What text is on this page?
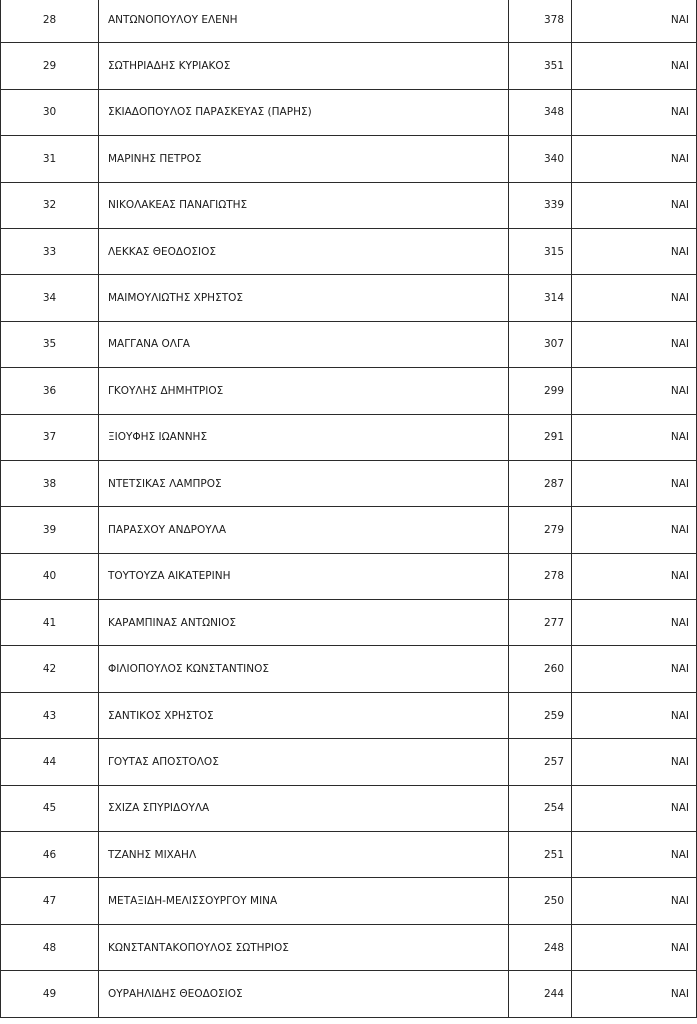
28	ΑΝΤΩΝΟΠΟΥΛΟΥ ΕΛΕΝΗ	378	ΝΑΙ
29	ΣΩΤΗΡΙΑΔΗΣ ΚΥΡΙΑΚΟΣ	351	ΝΑΙ
30	ΣΚΙΑΔΟΠΟΥΛΟΣ ΠΑΡΑΣΚΕΥΑΣ (ΠΑΡΗΣ)	348	ΝΑΙ
31	ΜΑΡΙΝΗΣ ΠΕΤΡΟΣ	340	ΝΑΙ
32	ΝΙΚΟΛΑΚΕΑΣ ΠΑΝΑΓΙΩΤΗΣ	339	ΝΑΙ
33	ΛΕΚΚΑΣ ΘΕΟΔΟΣΙΟΣ	315	ΝΑΙ
34	ΜΑΙΜΟΥΛΙΩΤΗΣ ΧΡΗΣΤΟΣ	314	ΝΑΙ
35	ΜΑΓΓΑΝΑ ΟΛΓΑ	307	ΝΑΙ
36	ΓΚΟΥΛΗΣ ΔΗΜΗΤΡΙΟΣ	299	ΝΑΙ
37	ΞΙΟΥΦΗΣ ΙΩΑΝΝΗΣ	291	ΝΑΙ
38	ΝΤΕΤΣΙΚΑΣ ΛΑΜΠΡΟΣ	287	ΝΑΙ
39	ΠΑΡΑΣΧΟΥ ΑΝΔΡΟΥΛΑ	279	ΝΑΙ
40	ΤΟΥΤΟΥΖΑ ΑΙΚΑΤΕΡΙΝΗ	278	ΝΑΙ
41	ΚΑΡΑΜΠΙΝΑΣ ΑΝΤΩΝΙΟΣ	277	ΝΑΙ
42	ΦΙΛΙΟΠΟΥΛΟΣ ΚΩΝΣΤΑΝΤΙΝΟΣ	260	ΝΑΙ
43	ΣΑΝΤΙΚΟΣ ΧΡΗΣΤΟΣ	259	ΝΑΙ
44	ΓΟΥΤΑΣ ΑΠΟΣΤΟΛΟΣ	257	ΝΑΙ
45	ΣΧΙΖΑ ΣΠΥΡΙΔΟΥΛΑ	254	ΝΑΙ
46	ΤΖΑΝΗΣ ΜΙΧΑΗΛ	251	ΝΑΙ
47	ΜΕΤΑΞΙΔΗ-ΜΕΛΙΣΣΟΥΡΓΟΥ ΜΙΝΑ	250	ΝΑΙ
48	ΚΩΝΣΤΑΝΤΑΚΟΠΟΥΛΟΣ ΣΩΤΗΡΙΟΣ	248	ΝΑΙ
49	ΟΥΡΑΗΛΙΔΗΣ ΘΕΟΔΟΣΙΟΣ	244	ΝΑΙ
